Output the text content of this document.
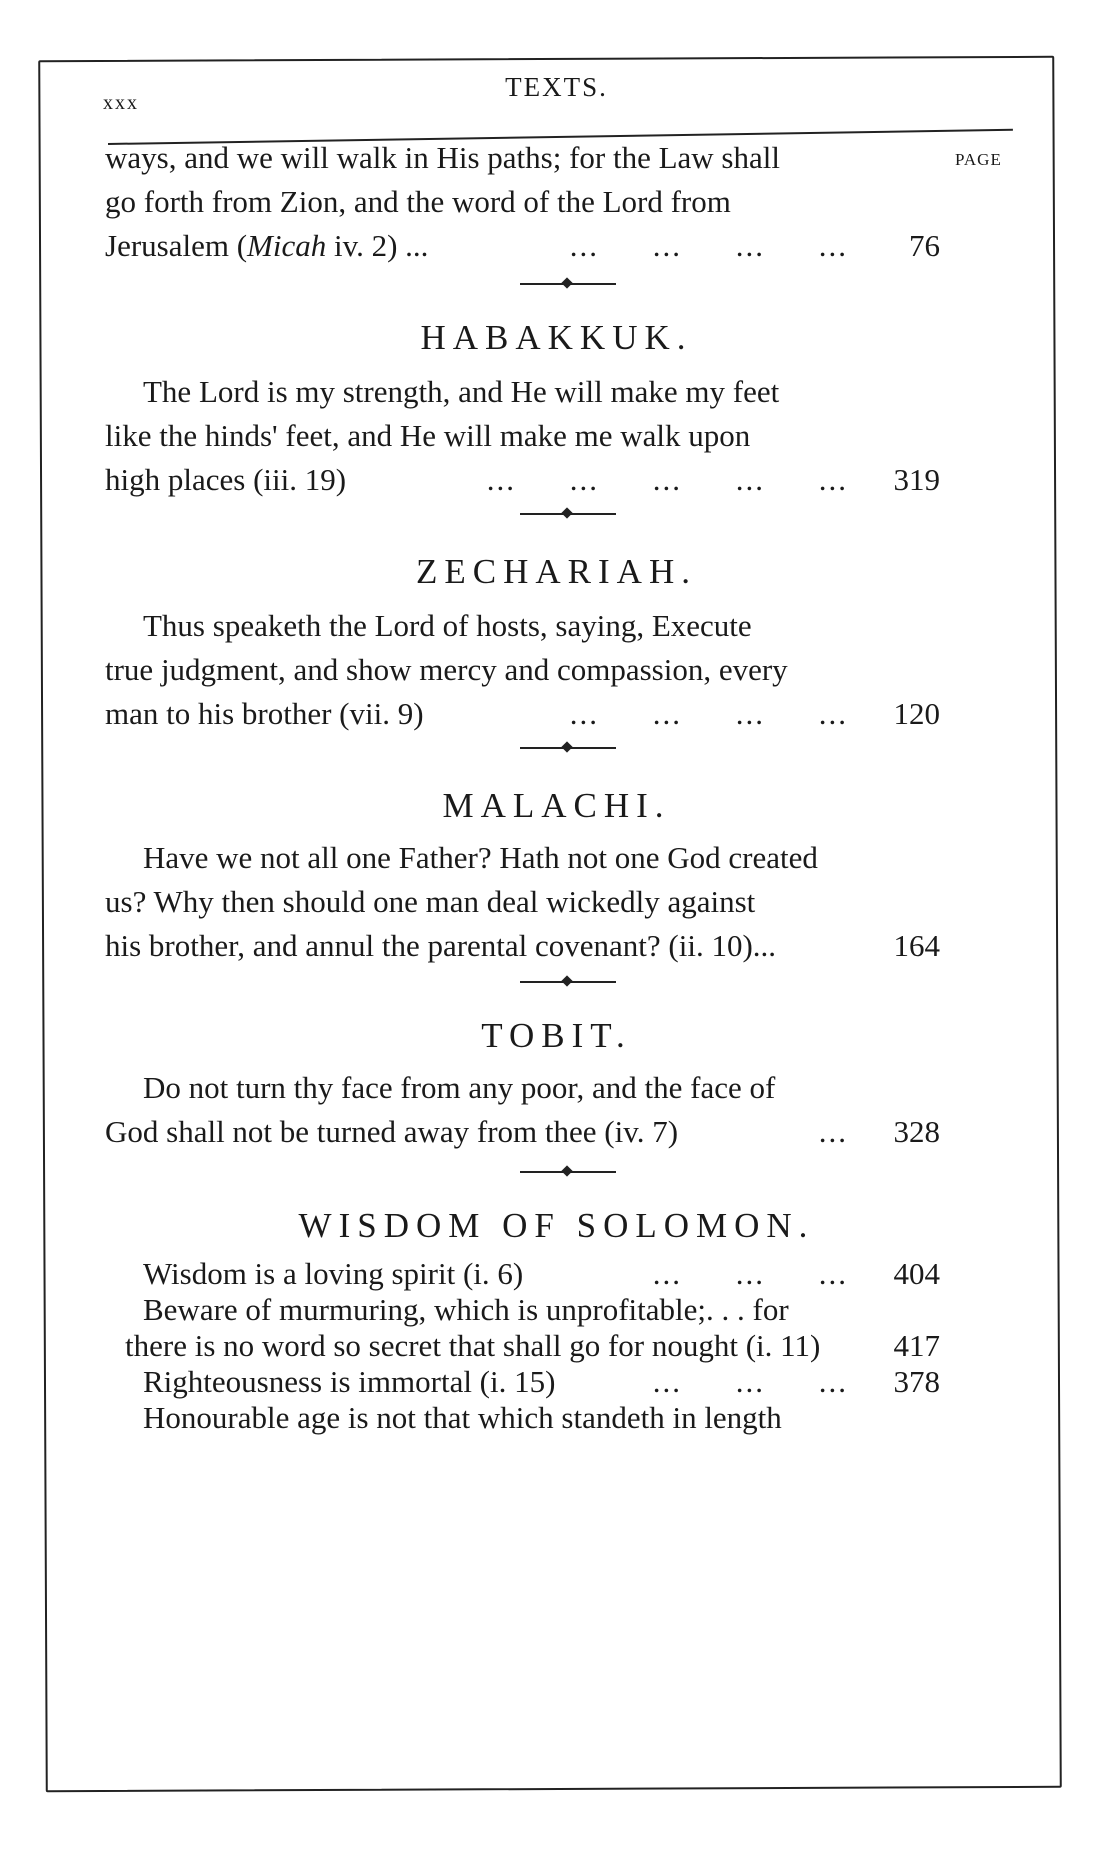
xxx
TEXTS.
PAGE
ways, and we will walk in His paths; for the Law shall
go forth from Zion, and the word of the Lord from
Jerusalem (Micah iv. 2) ...	... ... ... ...	76
HABAKKUK.
The Lord is my strength, and He will make my feet
like the hinds' feet, and He will make me walk upon
high places (iii. 19)	... ... ... ... ...	319
ZECHARIAH.
Thus speaketh the Lord of hosts, saying, Execute
true judgment, and show mercy and compassion, every
man to his brother (vii. 9)	... ... ... ...	120
MALACHI.
Have we not all one Father? Hath not one God created
us? Why then should one man deal wickedly against
his brother, and annul the parental covenant? (ii. 10)...	164
TOBIT.
Do not turn thy face from any poor, and the face of
God shall not be turned away from thee (iv. 7)	...	328
WISDOM OF SOLOMON.
Wisdom is a loving spirit (i. 6)	... ... ...	404
Beware of murmuring, which is unprofitable;. . . for
there is no word so secret that shall go for nought (i. 11)	417
Righteousness is immortal (i. 15)	... ... ...	378
Honourable age is not that which standeth in length
